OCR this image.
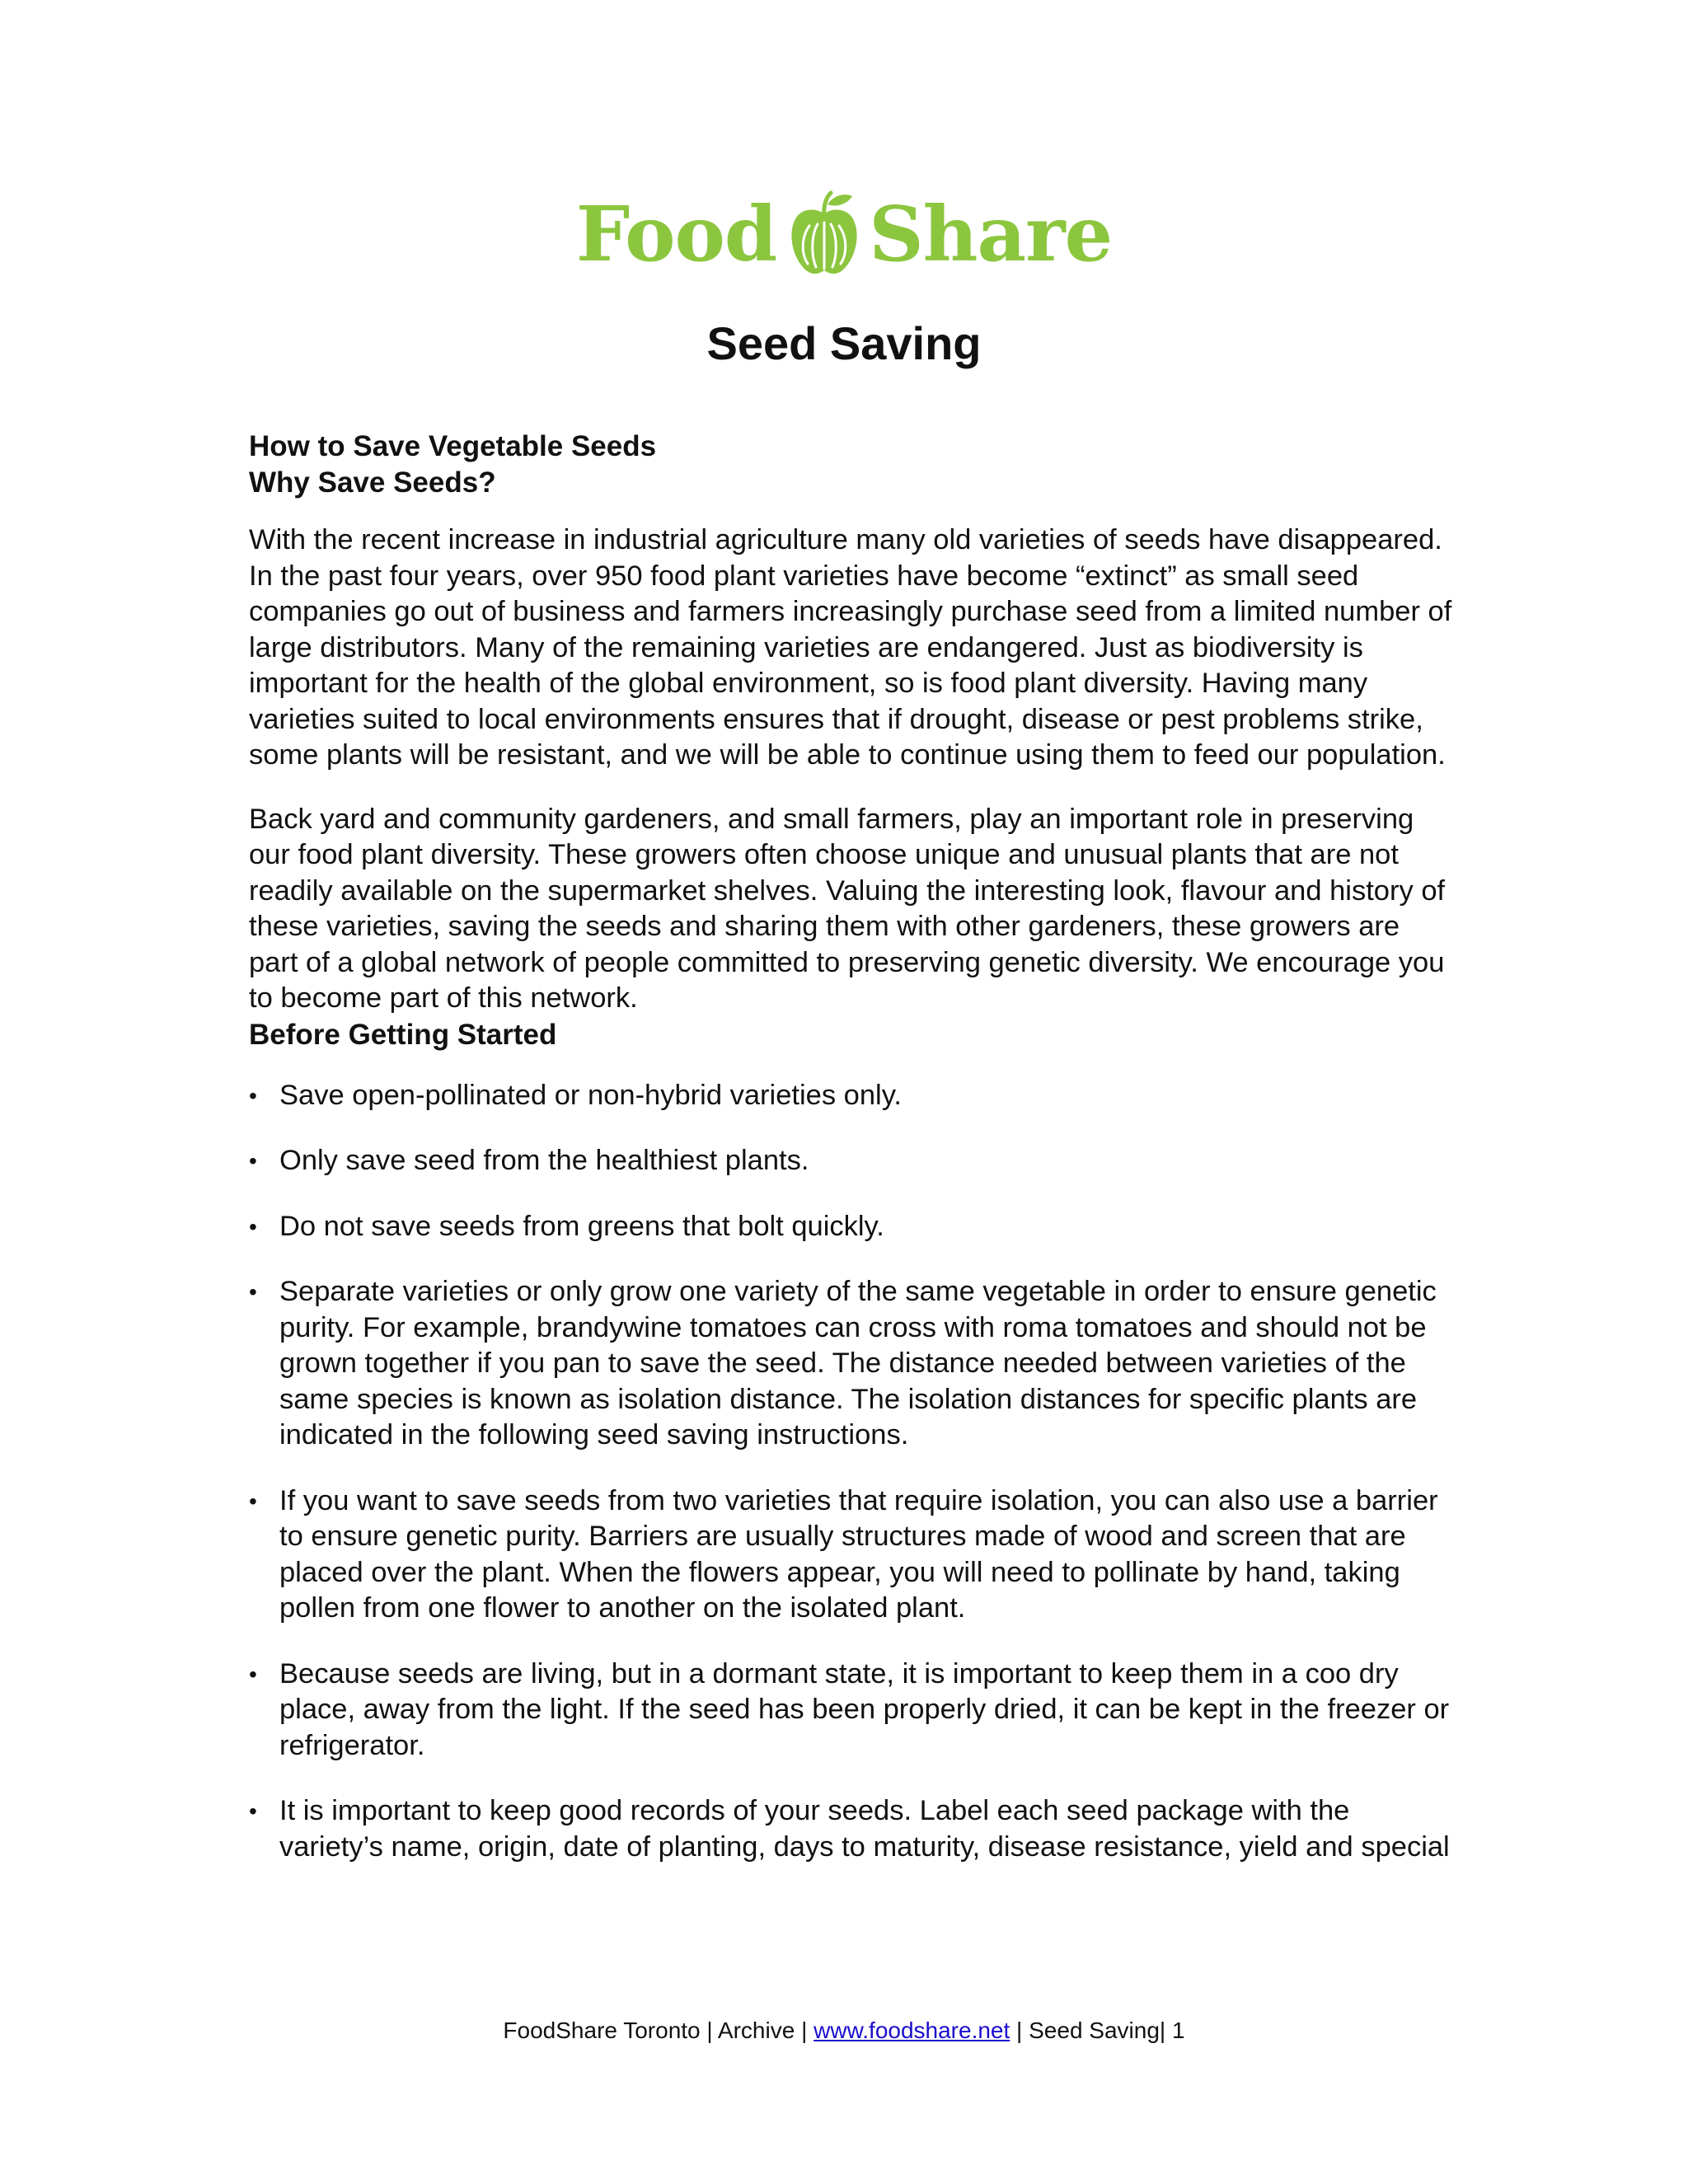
Food Share
Seed Saving
How to Save Vegetable Seeds
Why Save Seeds?

With the recent increase in industrial agriculture many old varieties of seeds have disappeared. In the past four years, over 950 food plant varieties have become “extinct” as small seed companies go out of business and farmers increasingly purchase seed from a limited number of large distributors. Many of the remaining varieties are endangered. Just as biodiversity is important for the health of the global environment, so is food plant diversity. Having many varieties suited to local environments ensures that if drought, disease or pest problems strike, some plants will be resistant, and we will be able to continue using them to feed our population.

Back yard and community gardeners, and small farmers, play an important role in preserving our food plant diversity. These growers often choose unique and unusual plants that are not readily available on the supermarket shelves. Valuing the interesting look, flavour and history of these varieties, saving the seeds and sharing them with other gardeners, these growers are part of a global network of people committed to preserving genetic diversity. We encourage you to become part of this network.

Before Getting Started
• Save open-pollinated or non-hybrid varieties only.
• Only save seed from the healthiest plants.
• Do not save seeds from greens that bolt quickly.
• Separate varieties or only grow one variety of the same vegetable in order to ensure genetic purity. For example, brandywine tomatoes can cross with roma tomatoes and should not be grown together if you pan to save the seed. The distance needed between varieties of the same species is known as isolation distance. The isolation distances for specific plants are indicated in the following seed saving instructions.
• If you want to save seeds from two varieties that require isolation, you can also use a barrier to ensure genetic purity. Barriers are usually structures made of wood and screen that are placed over the plant. When the flowers appear, you will need to pollinate by hand, taking pollen from one flower to another on the isolated plant.
• Because seeds are living, but in a dormant state, it is important to keep them in a coo dry place, away from the light. If the seed has been properly dried, it can be kept in the freezer or refrigerator.
• It is important to keep good records of your seeds. Label each seed package with the variety’s name, origin, date of planting, days to maturity, disease resistance, yield and special
FoodShare Toronto | Archive | www.foodshare.net | Seed Saving| 1
